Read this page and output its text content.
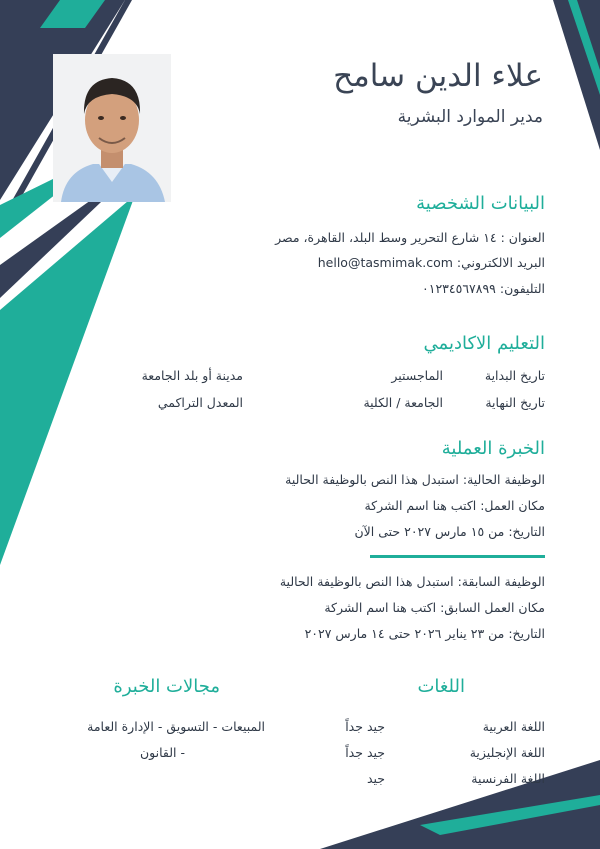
علاء الدين سامح
مدير الموارد البشرية
البيانات الشخصية
العنوان : ١٤ شارع التحرير وسط البلد، القاهرة، مصر
البريد الالكتروني: hello@tasmimak.com
التليفون: ٠١٢٣٤٥٦٧٨٩٩
التعليم الاكاديمي
تاريخ البداية
الماجستير
مدينة أو بلد الجامعة
تاريخ النهاية
الجامعة / الكلية
المعدل التراكمي
الخبرة العملية
الوظيفة الحالية: استبدل هذا النص بالوظيفة الحالية
مكان العمل: اكتب هنا اسم الشركة
التاريخ: من ١٥ مارس ٢٠٢٧ حتى الآن
الوظيفة السابقة: استبدل هذا النص بالوظيفة الحالية
مكان العمل السابق: اكتب هنا اسم الشركة
التاريخ: من ٢٣ يناير ٢٠٢٦ حتى ١٤ مارس ٢٠٢٧
اللغات
اللغة العربية
جيد جداً
اللغة الإنجليزية
جيد جداً
اللغة الفرنسية
جيد
مجالات الخبرة
المبيعات - التسويق - الإدارة العامة
- القانون
